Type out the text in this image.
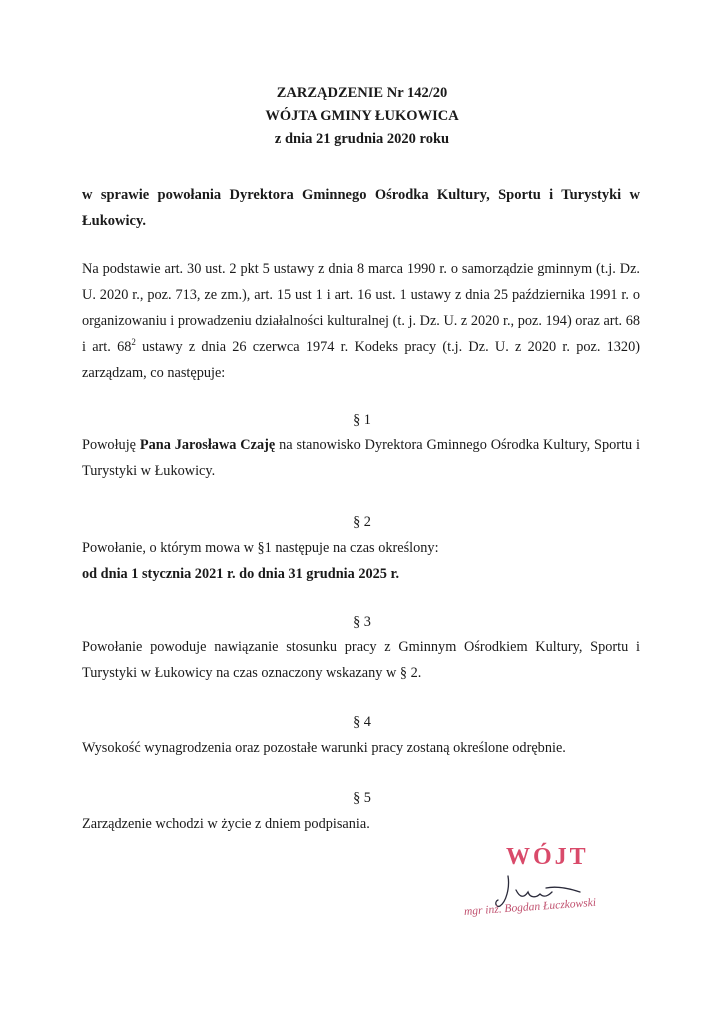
ZARZĄDZENIE Nr 142/20
WÓJTA GMINY ŁUKOWICA
z dnia 21 grudnia 2020 roku
w sprawie powołania Dyrektora Gminnego Ośrodka Kultury, Sportu i Turystyki w Łukowicy.
Na podstawie art. 30 ust. 2 pkt 5 ustawy z dnia 8 marca 1990 r. o samorządzie gminnym (t.j. Dz. U. 2020 r., poz. 713, ze zm.), art. 15 ust 1 i art. 16 ust. 1 ustawy z dnia 25 października 1991 r. o organizowaniu i prowadzeniu działalności kulturalnej (t. j. Dz. U. z 2020 r., poz. 194) oraz art. 68 i art. $68^2$ ustawy z dnia 26 czerwca 1974 r. Kodeks pracy (t.j. Dz. U. z 2020 r. poz. 1320) zarządzam, co następuje:
§ 1
Powołuję Pana Jarosława Czaję na stanowisko Dyrektora Gminnego Ośrodka Kultury, Sportu i Turystyki w Łukowicy.
§ 2
Powołanie, o którym mowa w §1 następuje na czas określony:
od dnia 1 stycznia 2021 r. do dnia 31 grudnia 2025 r.
§ 3
Powołanie powoduje nawiązanie stosunku pracy z Gminnym Ośrodkiem Kultury, Sportu i Turystyki w Łukowicy na czas oznaczony wskazany w § 2.
§ 4
Wysokość wynagrodzenia oraz pozostałe warunki pracy zostaną określone odrębnie.
§ 5
Zarządzenie wchodzi w życie z dniem podpisania.
WÓJT
mgr inż. Bogdan Łuczkowski
